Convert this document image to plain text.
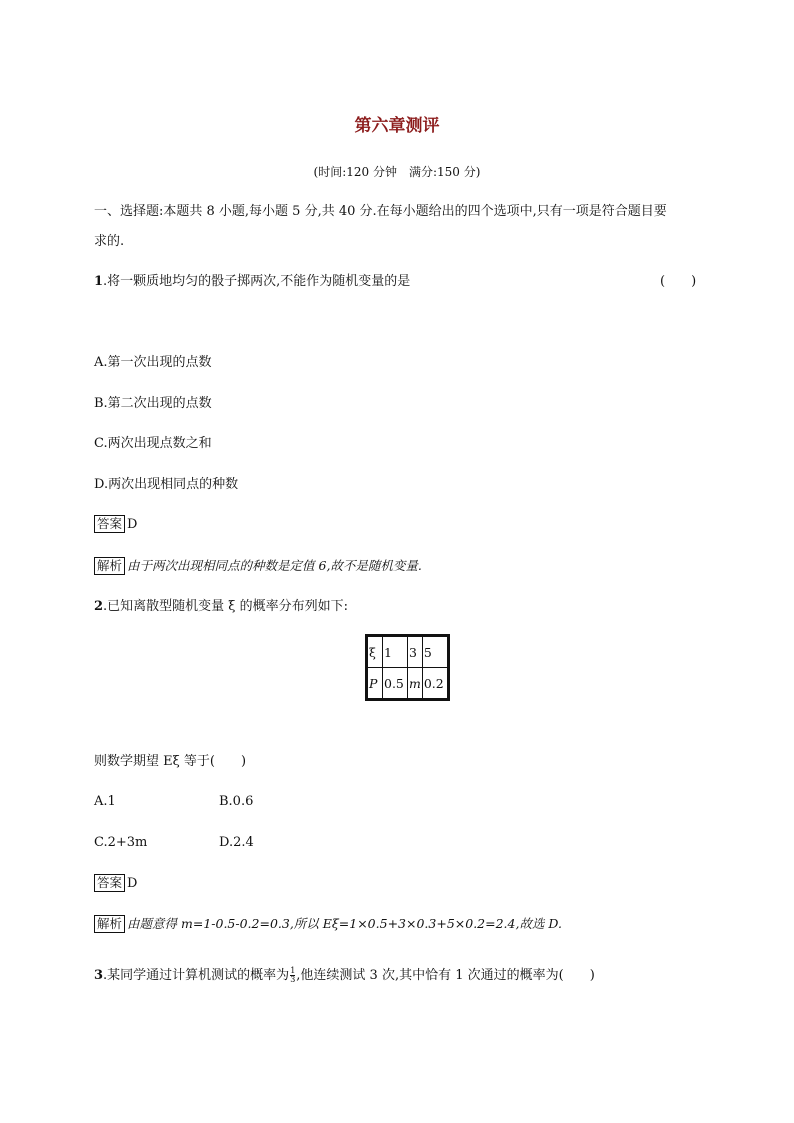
第六章测评
(时间:120 分钟　满分:150 分)
一、选择题:本题共 8 小题,每小题 5 分,共 40 分.在每小题给出的四个选项中,只有一项是符合题目要
求的.
1.将一颗质地均匀的骰子掷两次,不能作为随机变量的是	(　　)
A.第一次出现的点数
B.第二次出现的点数
C.两次出现点数之和
D.两次出现相同点的种数
答案 D
解析 由于两次出现相同点的种数是定值 6,故不是随机变量.
2.已知离散型随机变量 ξ 的概率分布列如下:
ξ	1	3	5
P	0.5	m	0.2
则数学期望 Eξ 等于(　　)
A.1	B.0.6
C.2+3m	D.2.4
答案 D
解析 由题意得 m=1-0.5-0.2=0.3,所以 Eξ=1×0.5+3×0.3+5×0.2=2.4,故选 D.
3.某同学通过计算机测试的概率为 $\frac{1}{3}$ ,他连续测试 3 次,其中恰有 1 次通过的概率为(　　)
